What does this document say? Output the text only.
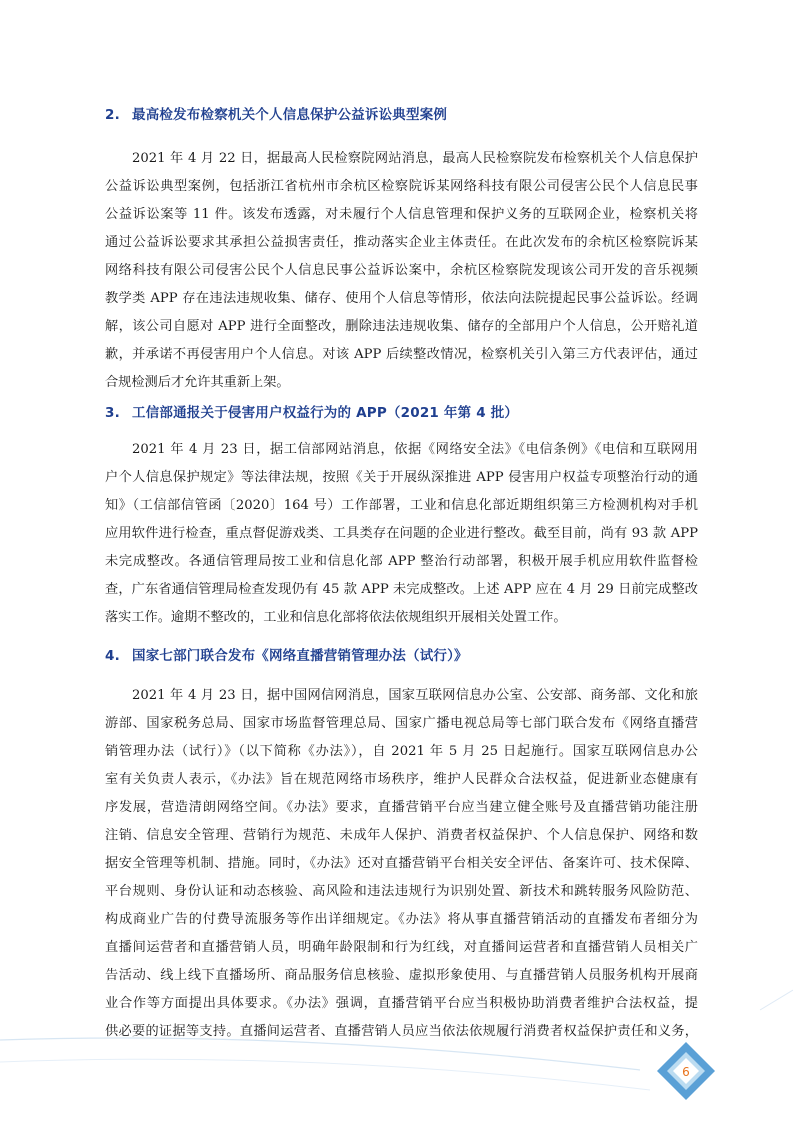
2. 最高检发布检察机关个人信息保护公益诉讼典型案例
2021 年 4 月 22 日，据最高人民检察院网站消息，最高人民检察院发布检察机关个人信息保护
公益诉讼典型案例，包括浙江省杭州市余杭区检察院诉某网络科技有限公司侵害公民个人信息民事
公益诉讼案等 11 件。该发布透露，对未履行个人信息管理和保护义务的互联网企业，检察机关将
通过公益诉讼要求其承担公益损害责任，推动落实企业主体责任。在此次发布的余杭区检察院诉某
网络科技有限公司侵害公民个人信息民事公益诉讼案中，余杭区检察院发现该公司开发的音乐视频
教学类 APP 存在违法违规收集、储存、使用个人信息等情形，依法向法院提起民事公益诉讼。经调
解，该公司自愿对 APP 进行全面整改，删除违法违规收集、储存的全部用户个人信息，公开赔礼道
歉，并承诺不再侵害用户个人信息。对该 APP 后续整改情况，检察机关引入第三方代表评估，通过
合规检测后才允许其重新上架。
3. 工信部通报关于侵害用户权益行为的 APP（2021 年第 4 批）
2021 年 4 月 23 日，据工信部网站消息，依据《网络安全法》《电信条例》《电信和互联网用
户个人信息保护规定》等法律法规，按照《关于开展纵深推进 APP 侵害用户权益专项整治行动的通
知》（工信部信管函〔2020〕164 号）工作部署，工业和信息化部近期组织第三方检测机构对手机
应用软件进行检查，重点督促游戏类、工具类存在问题的企业进行整改。截至目前，尚有 93 款 APP
未完成整改。各通信管理局按工业和信息化部 APP 整治行动部署，积极开展手机应用软件监督检
查，广东省通信管理局检查发现仍有 45 款 APP 未完成整改。上述 APP 应在 4 月 29 日前完成整改
落实工作。逾期不整改的，工业和信息化部将依法依规组织开展相关处置工作。
4. 国家七部门联合发布《网络直播营销管理办法（试行）》
2021 年 4 月 23 日，据中国网信网消息，国家互联网信息办公室、公安部、商务部、文化和旅
游部、国家税务总局、国家市场监督管理总局、国家广播电视总局等七部门联合发布《网络直播营
销管理办法（试行）》（以下简称《办法》），自 2021 年 5 月 25 日起施行。国家互联网信息办公
室有关负责人表示，《办法》旨在规范网络市场秩序，维护人民群众合法权益，促进新业态健康有
序发展，营造清朗网络空间。《办法》要求，直播营销平台应当建立健全账号及直播营销功能注册
注销、信息安全管理、营销行为规范、未成年人保护、消费者权益保护、个人信息保护、网络和数
据安全管理等机制、措施。同时，《办法》还对直播营销平台相关安全评估、备案许可、技术保障、
平台规则、身份认证和动态核验、高风险和违法违规行为识别处置、新技术和跳转服务风险防范、
构成商业广告的付费导流服务等作出详细规定。《办法》将从事直播营销活动的直播发布者细分为
直播间运营者和直播营销人员，明确年龄限制和行为红线，对直播间运营者和直播营销人员相关广
告活动、线上线下直播场所、商品服务信息核验、虚拟形象使用、与直播营销人员服务机构开展商
业合作等方面提出具体要求。《办法》强调，直播营销平台应当积极协助消费者维护合法权益，提
供必要的证据等支持。直播间运营者、直播营销人员应当依法依规履行消费者权益保护责任和义务，
6
